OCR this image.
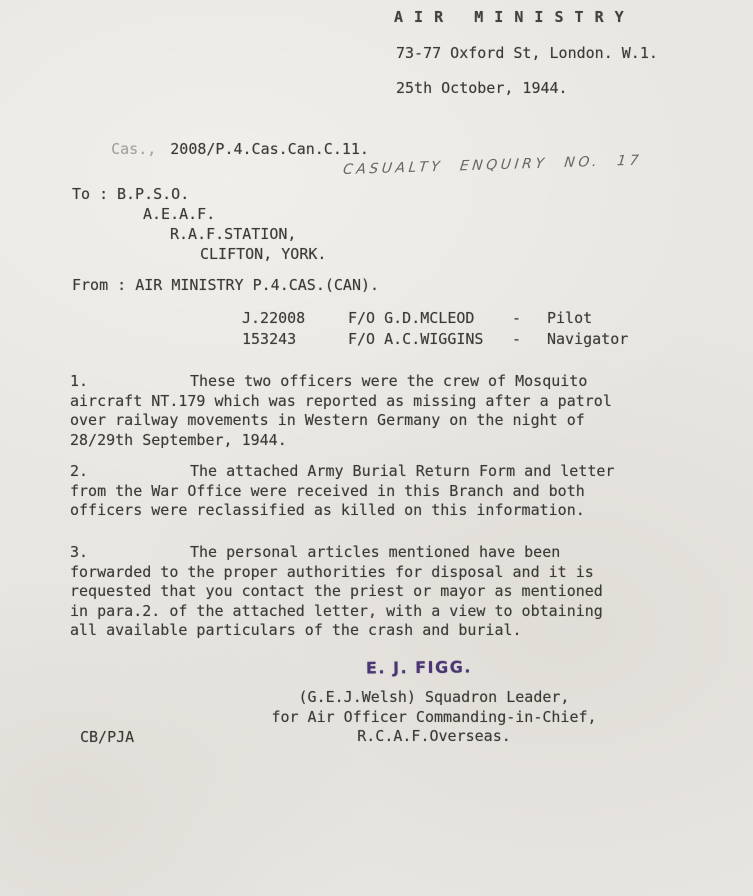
A I R   M I N I S T R Y
73-77 Oxford St, London. W.1.
25th October, 1944.

Cas., 2008/P.4.Cas.Can.C.11.

CASUALTY ENQUIRY NO. 17
To : B.P.S.O.
A.E.A.F.
R.A.F.STATION,
CLIFTON, YORK.
From : AIR MINISTRY P.4.CAS.(CAN).
J.22008	F/O G.D.MCLEOD	- Pilot
153243	F/O A.C.WIGGINS - Navigator
1.	These two officers were the crew of Mosquito aircraft NT.179 which was reported as missing after a patrol over railway movements in Western Germany on the night of 28/29th September, 1944.
2.	The attached Army Burial Return Form and letter from the War Office were received in this Branch and both officers were reclassified as killed on this information.
3.	The personal articles mentioned have been forwarded to the proper authorities for disposal and it is requested that you contact the priest or mayor as mentioned in para.2. of the attached letter, with a view to obtaining all available particulars of the crash and burial.
E. J. FIGG.
(G.E.J.Welsh) Squadron Leader,
for Air Officer Commanding-in-Chief,
R.C.A.F.Overseas.
CB/PJA
